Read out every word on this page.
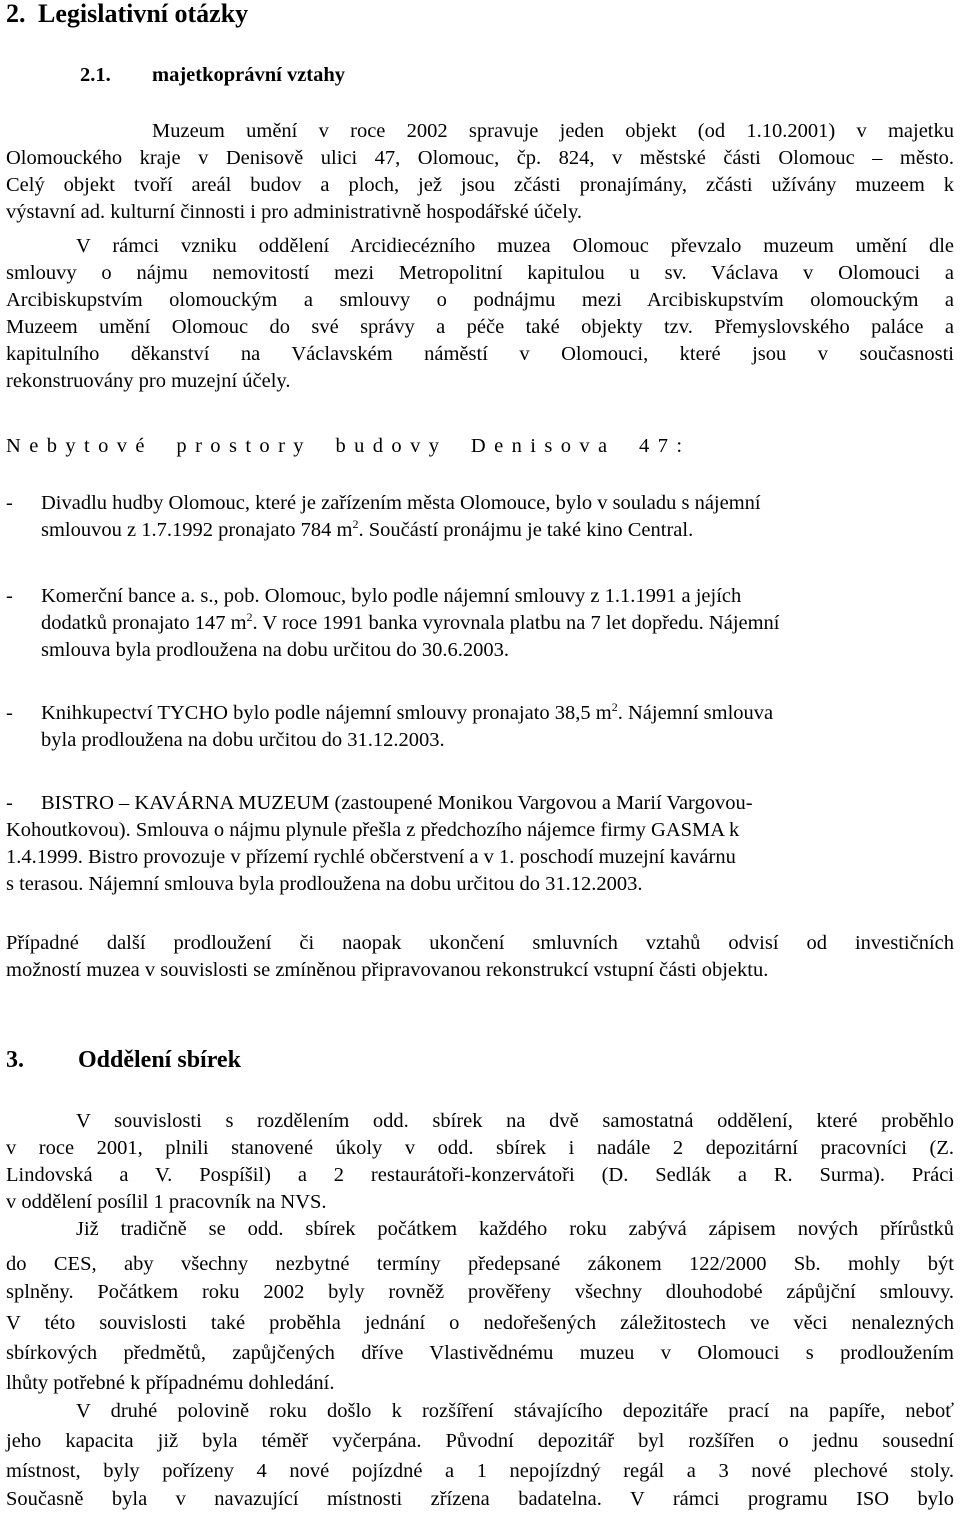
2. Legislativní otázky
2.1. majetkoprávní vztahy
Muzeum umění v roce 2002 spravuje jeden objekt (od 1.10.2001) v majetku
Olomouckého kraje v Denisově ulici 47, Olomouc, čp. 824, v městské části Olomouc – město.
Celý objekt tvoří areál budov a ploch, jež jsou zčásti pronajímány, zčásti užívány muzeem k
výstavní ad. kulturní činnosti i pro administrativně hospodářské účely.
V rámci vzniku oddělení Arcidiecézního muzea Olomouc převzalo muzeum umění dle
smlouvy o nájmu nemovitostí mezi Metropolitní kapitulou u sv. Václava v Olomouci a
Arcibiskupstvím olomouckým a smlouvy o podnájmu mezi Arcibiskupstvím olomouckým a
Muzeem umění Olomouc do své správy a péče také objekty tzv. Přemyslovského paláce a
kapitulního děkanství na Václavském náměstí v Olomouci, které jsou v současnosti
rekonstruovány pro muzejní účely.
Nebytové prostory budovy Denisova 47:
- Divadlu hudby Olomouc, které je zařízením města Olomouce, bylo v souladu s nájemní
smlouvou z 1.7.1992 pronajato 784 $m^2$. Součástí pronájmu je také kino Central.
- Komerční bance a. s., pob. Olomouc, bylo podle nájemní smlouvy z 1.1.1991 a jejích
dodatků pronajato 147 $m^2$. V roce 1991 banka vyrovnala platbu na 7 let dopředu. Nájemní
smlouva byla prodloužena na dobu určitou do 30.6.2003.
- Knihkupectví TYCHO bylo podle nájemní smlouvy pronajato 38,5 $m^2$. Nájemní smlouva
byla prodloužena na dobu určitou do 31.12.2003.
- BISTRO – KAVÁRNA MUZEUM (zastoupené Monikou Vargovou a Marií Vargovou-
Kohoutkovou). Smlouva o nájmu plynule přešla z předchozího nájemce firmy GASMA k
1.4.1999. Bistro provozuje v přízemí rychlé občerstvení a v 1. poschodí muzejní kavárnu
s terasou. Nájemní smlouva byla prodloužena na dobu určitou do 31.12.2003.
Případné další prodloužení či naopak ukončení smluvních vztahů odvisí od investičních
možností muzea v souvislosti se zmíněnou připravovanou rekonstrukcí vstupní části objektu.
3. Oddělení sbírek
V souvislosti s rozdělením odd. sbírek na dvě samostatná oddělení, které proběhlo
v roce 2001, plnili stanovené úkoly v odd. sbírek i nadále 2 depozitární pracovníci (Z.
Lindovská a V. Pospíšil) a 2 restaurátoři-konzervátoři (D. Sedlák a R. Surma). Práci
v oddělení posílil 1 pracovník na NVS.
Již tradičně se odd. sbírek počátkem každého roku zabývá zápisem nových přírůstků
do CES, aby všechny nezbytné termíny předepsané zákonem 122/2000 Sb. mohly být
splněny. Počátkem roku 2002 byly rovněž prověřeny všechny dlouhodobé zápůjční smlouvy.
V této souvislosti také proběhla jednání o nedořešených záležitostech ve věci nenalezných
sbírkových předmětů, zapůjčených dříve Vlastivědnému muzeu v Olomouci s prodloužením
lhůty potřebné k případnému dohledání.
V druhé polovině roku došlo k rozšíření stávajícího depozitáře prací na papíře, neboť
jeho kapacita již byla téměř vyčerpána. Původní depozitář byl rozšířen o jednu sousední
místnost, byly pořízeny 4 nové pojízdné a 1 nepojízdný regál a 3 nové plechové stoly.
Současně byla v navazující místnosti zřízena badatelna. V rámci programu ISO bylo
